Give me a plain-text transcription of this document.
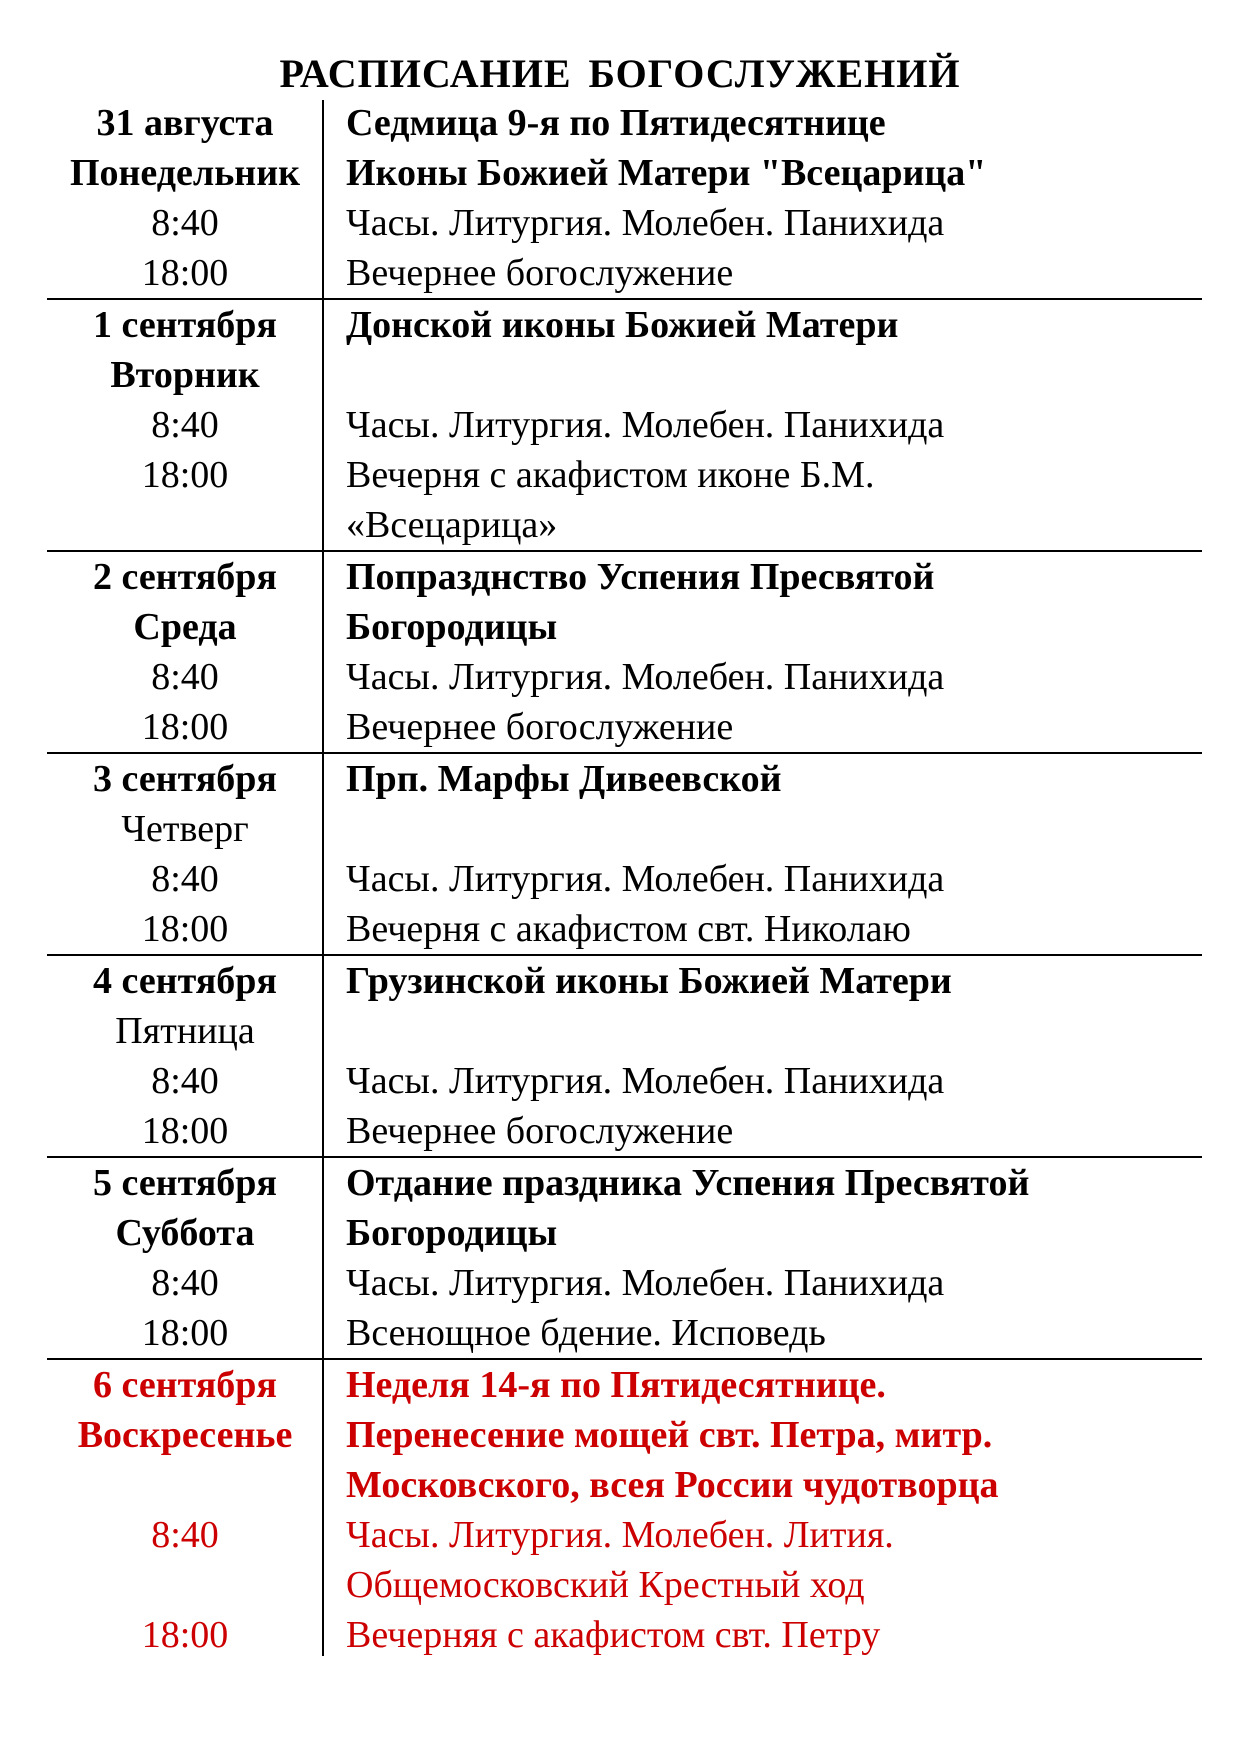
РАСПИСАНИЕ БОГОСЛУЖЕНИЙ
31 августа
Понедельник
8:40
18:00
Седмица 9-я по Пятидесятнице
Иконы Божией Матери "Всецарица"
Часы. Литургия. Молебен. Панихида
Вечернее богослужение
1 сентября
Вторник
8:40
18:00
Донской иконы Божией Матери
Часы. Литургия. Молебен. Панихида
Вечерня с акафистом иконе Б.М.
«Всецарица»
2 сентября
Среда
8:40
18:00
Попразднство Успения Пресвятой
Богородицы
Часы. Литургия. Молебен. Панихида
Вечернее богослужение
3 сентября
Четверг
8:40
18:00
Прп. Марфы Дивеевской
Часы. Литургия. Молебен. Панихида
Вечерня с акафистом свт. Николаю
4 сентября
Пятница
8:40
18:00
Грузинской иконы Божией Матери
Часы. Литургия. Молебен. Панихида
Вечернее богослужение
5 сентября
Суббота
8:40
18:00
Отдание праздника Успения Пресвятой
Богородицы
Часы. Литургия. Молебен. Панихида
Всенощное бдение. Исповедь
6 сентября
Воскресенье
8:40
18:00
Неделя 14-я по Пятидесятнице.
Перенесение мощей свт. Петра, митр.
Московского, всея России чудотворца
Часы. Литургия. Молебен. Лития.
Общемосковский Крестный ход
Вечерняя с акафистом свт. Петру
